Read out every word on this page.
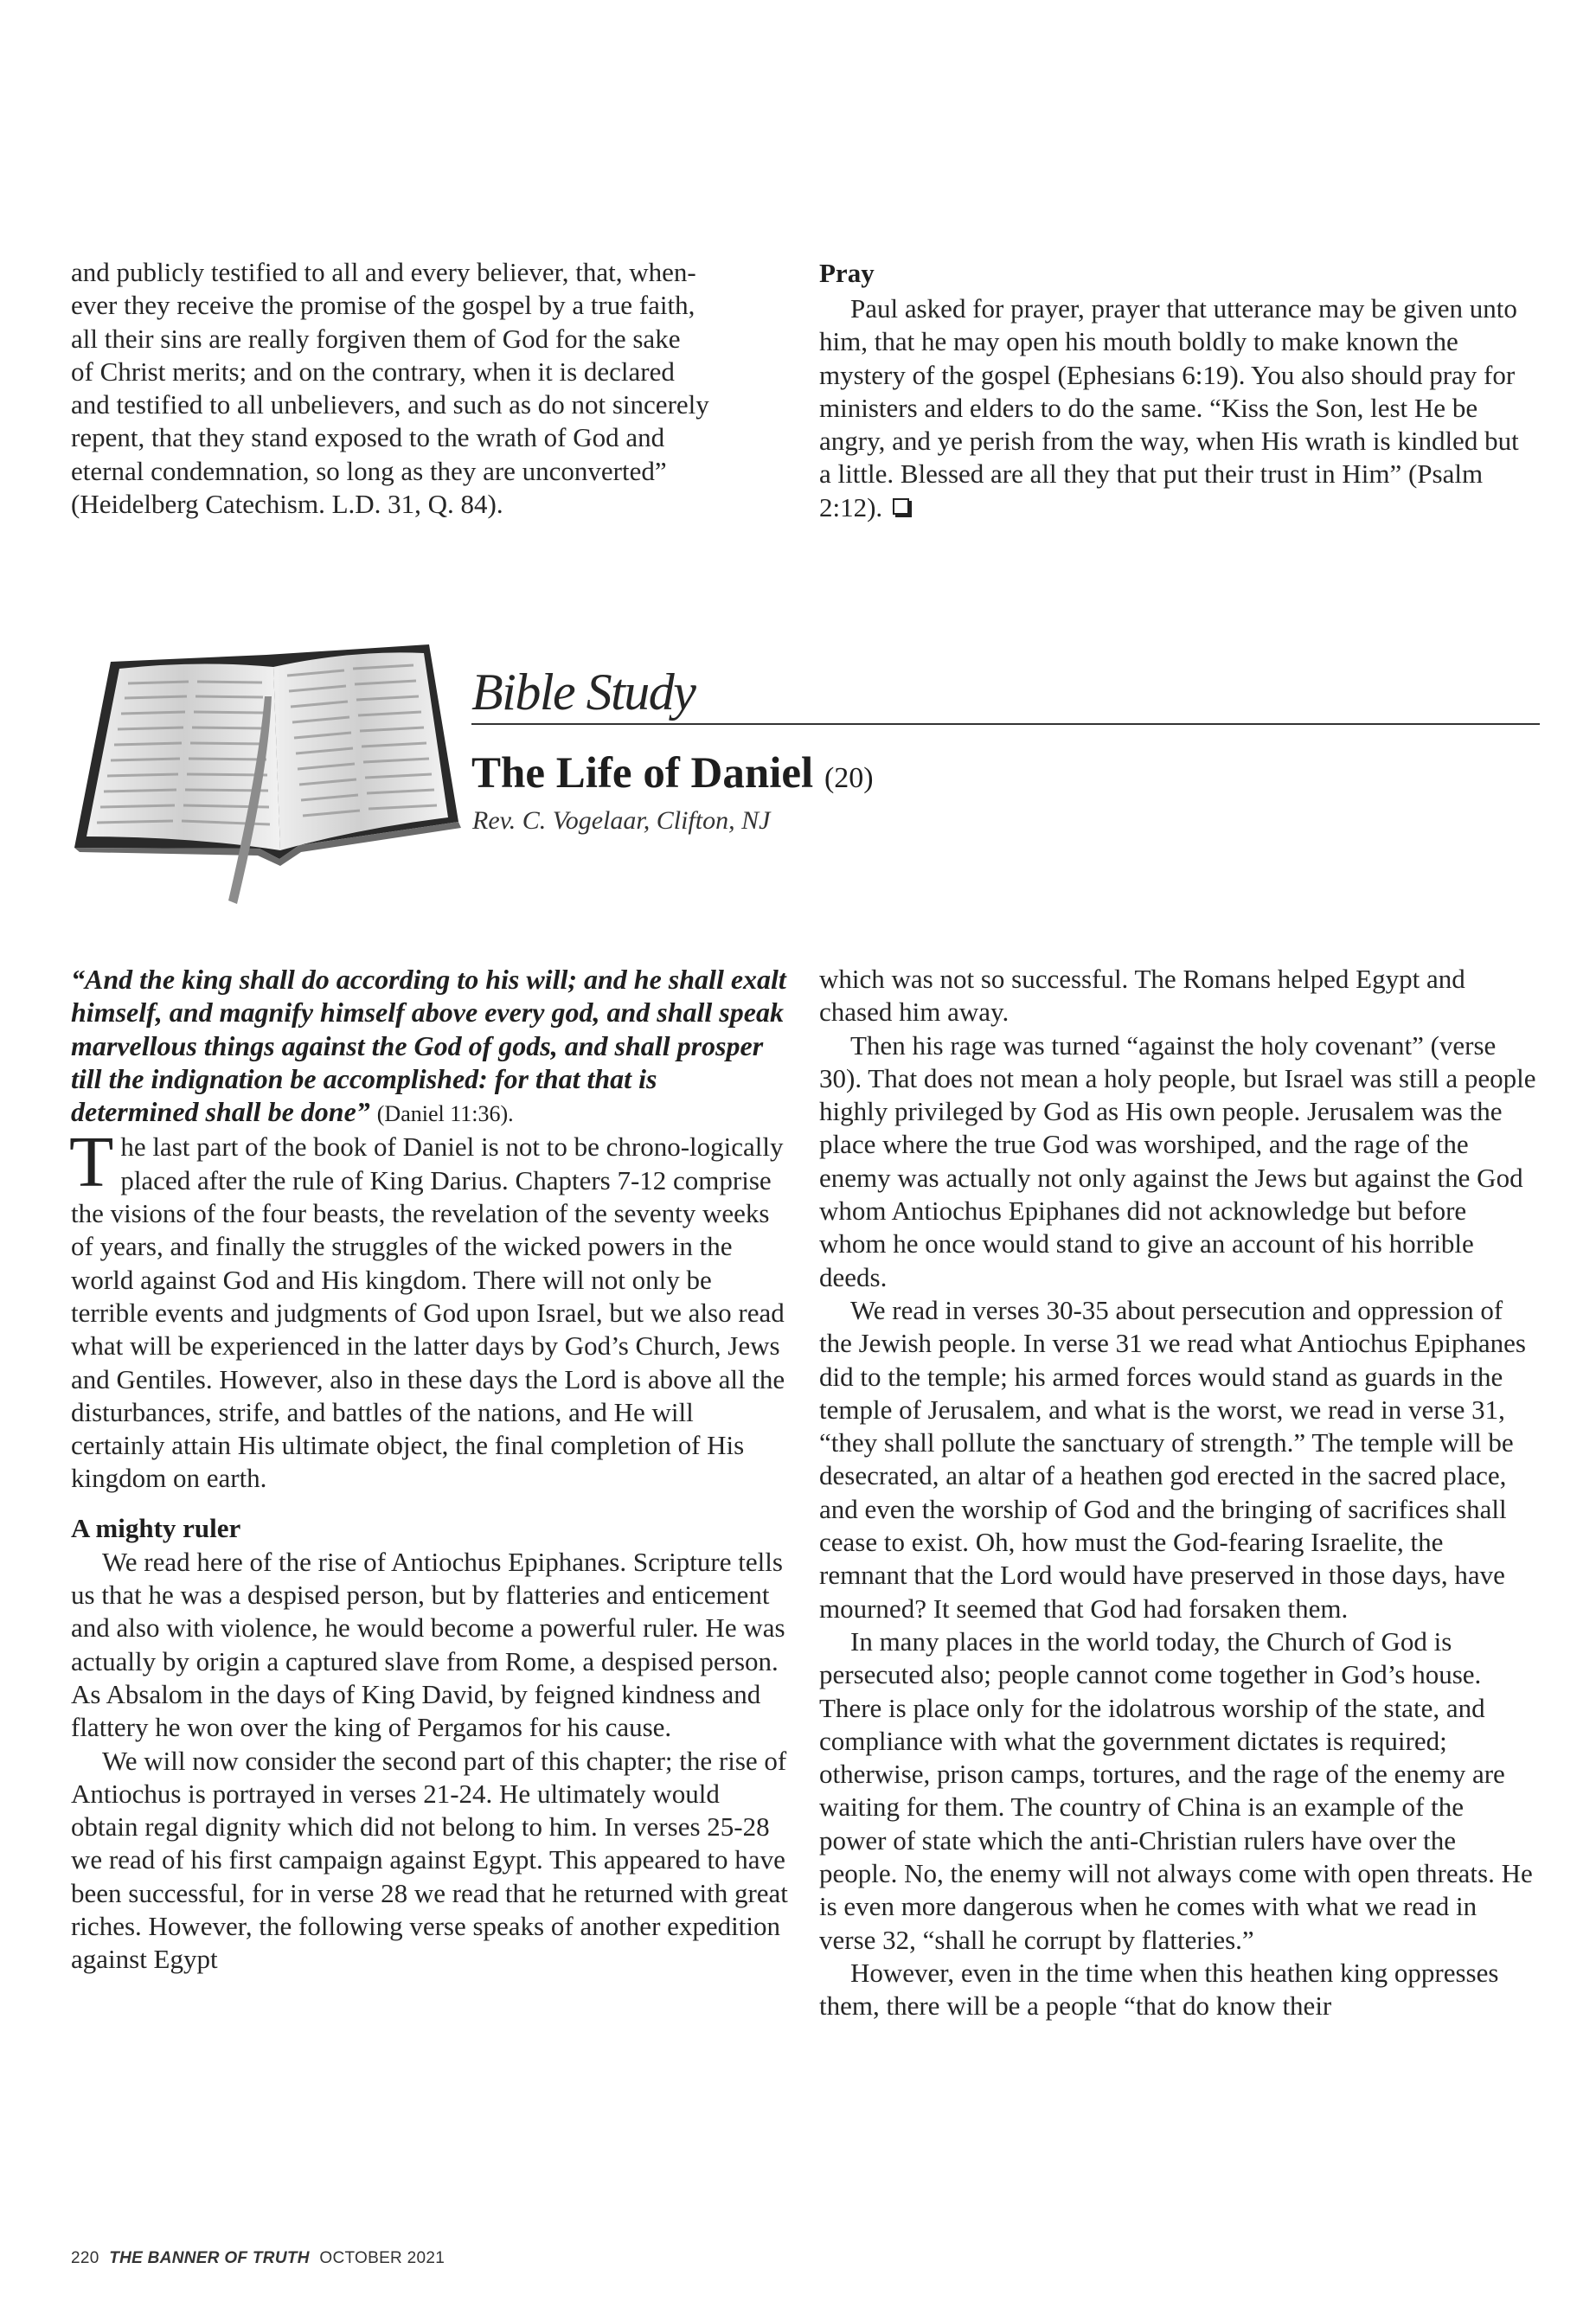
and publicly testified to all and every believer, that, when-
ever they receive the promise of the gospel by a true faith,
all their sins are really forgiven them of God for the sake
of Christ merits; and on the contrary, when it is declared
and testified to all unbelievers, and such as do not sincerely
repent, that they stand exposed to the wrath of God and
eternal condemnation, so long as they are unconverted”
(Heidelberg Catechism. L.D. 31, Q. 84).

Pray

Paul asked for prayer, prayer that utterance may be given unto him, that he may open his mouth boldly to make known the mystery of the gospel (Ephesians 6:19). You also should pray for ministers and elders to do the same. “Kiss the Son, lest He be angry, and ye perish from the way, when His wrath is kindled but a little. Blessed are all they that put their trust in Him” (Psalm 2:12).

Bible Study
The Life of Daniel (20)
Rev. C. Vogelaar, Clifton, NJ

“And the king shall do according to his will; and he shall exalt himself, and magnify himself above every god, and shall speak marvellous things against the God of gods, and shall prosper till the indignation be accomplished: for that that is determined shall be done” (Daniel 11:36).

The last part of the book of Daniel is not to be chrono-logically placed after the rule of King Darius. Chapters 7-12 comprise the visions of the four beasts, the revelation of the seventy weeks of years, and finally the struggles of the wicked powers in the world against God and His kingdom. There will not only be terrible events and judgments of God upon Israel, but we also read what will be experienced in the latter days by God’s Church, Jews and Gentiles. However, also in these days the Lord is above all the disturbances, strife, and battles of the nations, and He will certainly attain His ultimate object, the final completion of His kingdom on earth.

A mighty ruler

We read here of the rise of Antiochus Epiphanes. Scripture tells us that he was a despised person, but by flatteries and enticement and also with violence, he would become a powerful ruler. He was actually by origin a captured slave from Rome, a despised person. As Absalom in the days of King David, by feigned kindness and flattery he won over the king of Pergamos for his cause.

We will now consider the second part of this chapter; the rise of Antiochus is portrayed in verses 21-24. He ultimately would obtain regal dignity which did not belong to him. In verses 25-28 we read of his first campaign against Egypt. This appeared to have been successful, for in verse 28 we read that he returned with great riches. However, the following verse speaks of another expedition against Egypt

which was not so successful. The Romans helped Egypt and chased him away.

Then his rage was turned “against the holy covenant” (verse 30). That does not mean a holy people, but Israel was still a people highly privileged by God as His own people. Jerusalem was the place where the true God was worshiped, and the rage of the enemy was actually not only against the Jews but against the God whom Antiochus Epiphanes did not acknowledge but before whom he once would stand to give an account of his horrible deeds.

We read in verses 30-35 about persecution and oppression of the Jewish people. In verse 31 we read what Antiochus Epiphanes did to the temple; his armed forces would stand as guards in the temple of Jerusalem, and what is the worst, we read in verse 31, “they shall pollute the sanctuary of strength.” The temple will be desecrated, an altar of a heathen god erected in the sacred place, and even the worship of God and the bringing of sacrifices shall cease to exist. Oh, how must the God-fearing Israelite, the remnant that the Lord would have preserved in those days, have mourned? It seemed that God had forsaken them.

In many places in the world today, the Church of God is persecuted also; people cannot come together in God’s house. There is place only for the idolatrous worship of the state, and compliance with what the government dictates is required; otherwise, prison camps, tortures, and the rage of the enemy are waiting for them. The country of China is an example of the power of state which the anti-Christian rulers have over the people. No, the enemy will not always come with open threats. He is even more dangerous when he comes with what we read in verse 32, “shall he corrupt by flatteries.”

However, even in the time when this heathen king oppresses them, there will be a people “that do know their

220 THE BANNER OF TRUTH OCTOBER 2021
